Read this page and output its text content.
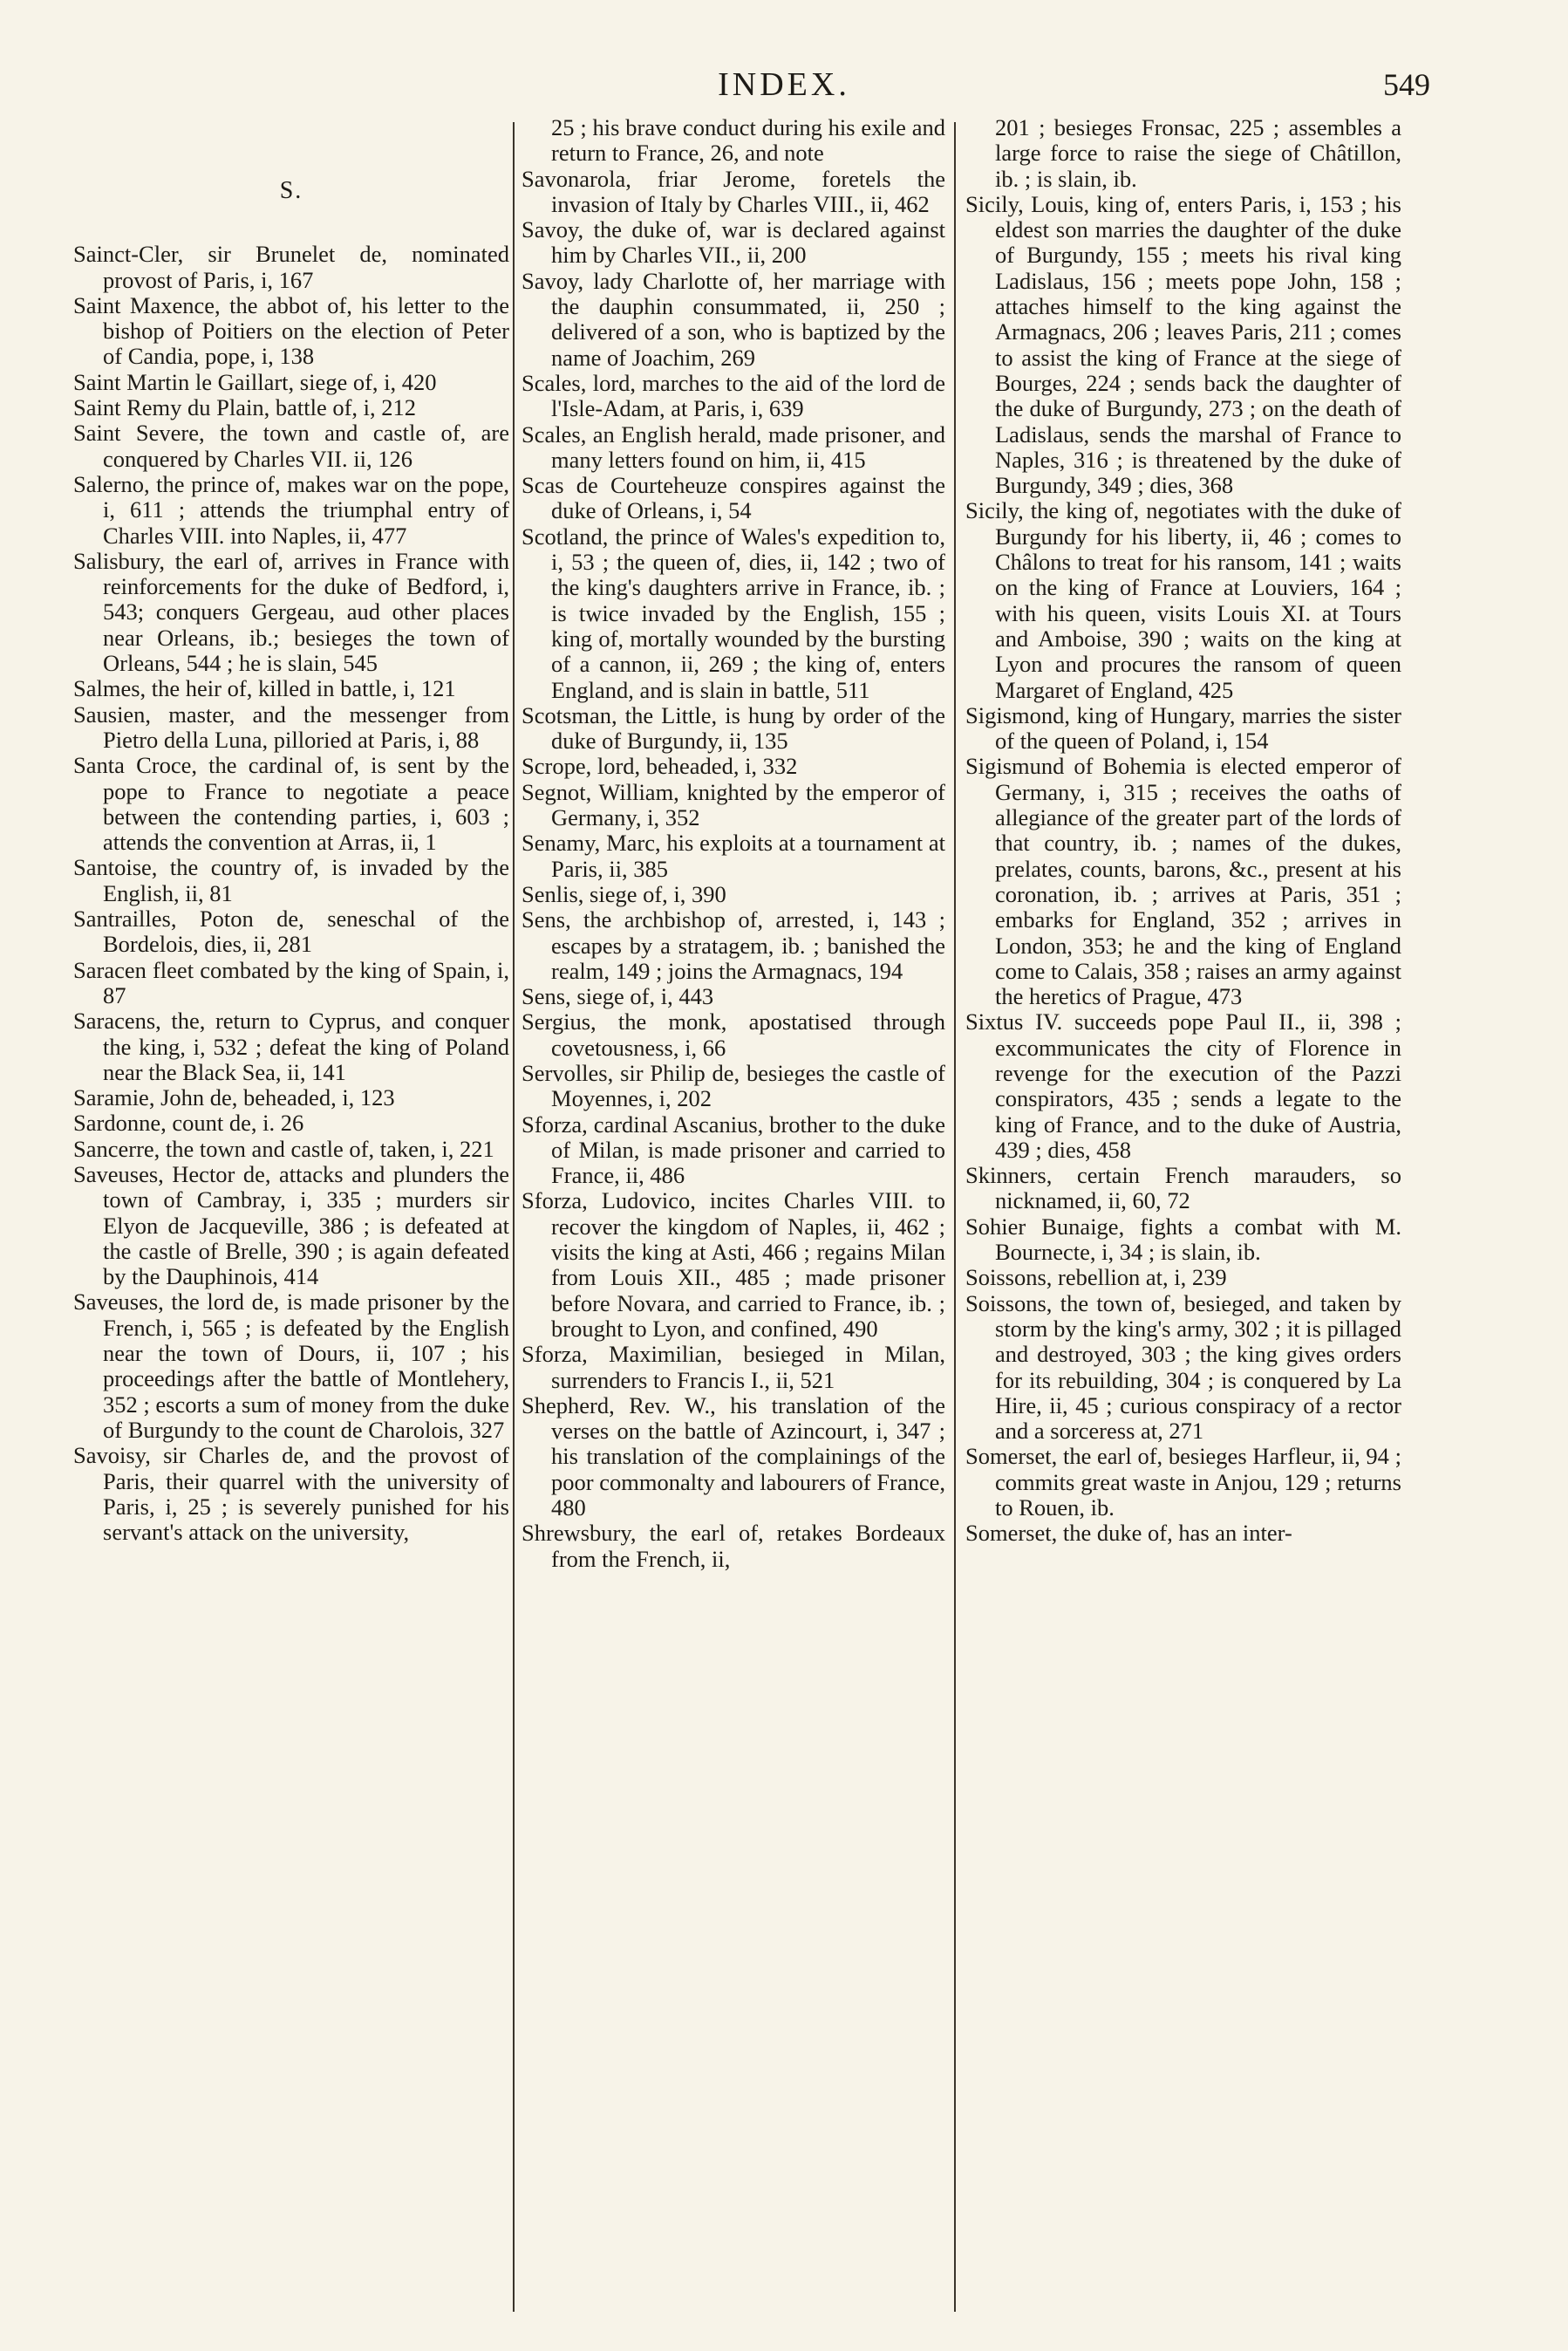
INDEX.	549
S.

Sainct-Cler, sir Brunelet de, nominated provost of Paris, i, 167

Saint Maxence, the abbot of, his letter to the bishop of Poitiers on the election of Peter of Candia, pope, i, 138

Saint Martin le Gaillart, siege of, i, 420

Saint Remy du Plain, battle of, i, 212

Saint Severe, the town and castle of, are conquered by Charles VII. ii, 126

Salerno, the prince of, makes war on the pope, i, 611 ; attends the triumphal entry of Charles VIII. into Naples, ii, 477

Salisbury, the earl of, arrives in France with reinforcements for the duke of Bedford, i, 543; conquers Gergeau, aud other places near Orleans, ib.; besieges the town of Orleans, 544 ; he is slain, 545

Salmes, the heir of, killed in battle, i, 121

Sausien, master, and the messenger from Pietro della Luna, pilloried at Paris, i, 88

Santa Croce, the cardinal of, is sent by the pope to France to negotiate a peace between the contending parties, i, 603 ; attends the convention at Arras, ii, 1

Santoise, the country of, is invaded by the English, ii, 81

Santrailles, Poton de, seneschal of the Bordelois, dies, ii, 281

Saracen fleet combated by the king of Spain, i, 87

Saracens, the, return to Cyprus, and conquer the king, i, 532 ; defeat the king of Poland near the Black Sea, ii, 141

Saramie, John de, beheaded, i, 123

Sardonne, count de, i. 26

Sancerre, the town and castle of, taken, i, 221

Saveuses, Hector de, attacks and plunders the town of Cambray, i, 335 ; murders sir Elyon de Jacqueville, 386 ; is defeated at the castle of Brelle, 390 ; is again defeated by the Dauphinois, 414

Saveuses, the lord de, is made prisoner by the French, i, 565 ; is defeated by the English near the town of Dours, ii, 107 ; his proceedings after the battle of Montlehery, 352 ; escorts a sum of money from the duke of Burgundy to the count de Charolois, 327

Savoisy, sir Charles de, and the provost of Paris, their quarrel with the university of Paris, i, 25 ; is severely punished for his servant's attack on the university,

25 ; his brave conduct during his exile and return to France, 26, and note

Savonarola, friar Jerome, foretels the invasion of Italy by Charles VIII., ii, 462

Savoy, the duke of, war is declared against him by Charles VII., ii, 200

Savoy, lady Charlotte of, her marriage with the dauphin consummated, ii, 250 ; delivered of a son, who is baptized by the name of Joachim, 269

Scales, lord, marches to the aid of the lord de l'Isle-Adam, at Paris, i, 639

Scales, an English herald, made prisoner, and many letters found on him, ii, 415

Scas de Courteheuze conspires against the duke of Orleans, i, 54

Scotland, the prince of Wales's expedition to, i, 53 ; the queen of, dies, ii, 142 ; two of the king's daughters arrive in France, ib. ; is twice invaded by the English, 155 ; king of, mortally wounded by the bursting of a cannon, ii, 269 ; the king of, enters England, and is slain in battle, 511

Scotsman, the Little, is hung by order of the duke of Burgundy, ii, 135

Scrope, lord, beheaded, i, 332

Segnot, William, knighted by the emperor of Germany, i, 352

Senamy, Marc, his exploits at a tournament at Paris, ii, 385

Senlis, siege of, i, 390

Sens, the archbishop of, arrested, i, 143 ; escapes by a stratagem, ib. ; banished the realm, 149 ; joins the Armagnacs, 194

Sens, siege of, i, 443

Sergius, the monk, apostatised through covetousness, i, 66

Servolles, sir Philip de, besieges the castle of Moyennes, i, 202

Sforza, cardinal Ascanius, brother to the duke of Milan, is made prisoner and carried to France, ii, 486

Sforza, Ludovico, incites Charles VIII. to recover the kingdom of Naples, ii, 462 ; visits the king at Asti, 466 ; regains Milan from Louis XII., 485 ; made prisoner before Novara, and carried to France, ib. ; brought to Lyon, and confined, 490

Sforza, Maximilian, besieged in Milan, surrenders to Francis I., ii, 521

Shepherd, Rev. W., his translation of the verses on the battle of Azincourt, i, 347 ; his translation of the complainings of the poor commonalty and labourers of France, 480

Shrewsbury, the earl of, retakes Bordeaux from the French, ii,

201 ; besieges Fronsac, 225 ; assembles a large force to raise the siege of Châtillon, ib. ; is slain, ib.

Sicily, Louis, king of, enters Paris, i, 153 ; his eldest son marries the daughter of the duke of Burgundy, 155 ; meets his rival king Ladislaus, 156 ; meets pope John, 158 ; attaches himself to the king against the Armagnacs, 206 ; leaves Paris, 211 ; comes to assist the king of France at the siege of Bourges, 224 ; sends back the daughter of the duke of Burgundy, 273 ; on the death of Ladislaus, sends the marshal of France to Naples, 316 ; is threatened by the duke of Burgundy, 349 ; dies, 368

Sicily, the king of, negotiates with the duke of Burgundy for his liberty, ii, 46 ; comes to Châlons to treat for his ransom, 141 ; waits on the king of France at Louviers, 164 ; with his queen, visits Louis XI. at Tours and Amboise, 390 ; waits on the king at Lyon and procures the ransom of queen Margaret of England, 425

Sigismond, king of Hungary, marries the sister of the queen of Poland, i, 154

Sigismund of Bohemia is elected emperor of Germany, i, 315 ; receives the oaths of allegiance of the greater part of the lords of that country, ib. ; names of the dukes, prelates, counts, barons, &c., present at his coronation, ib. ; arrives at Paris, 351 ; embarks for England, 352 ; arrives in London, 353; he and the king of England come to Calais, 358 ; raises an army against the heretics of Prague, 473

Sixtus IV. succeeds pope Paul II., ii, 398 ; excommunicates the city of Florence in revenge for the execution of the Pazzi conspirators, 435 ; sends a legate to the king of France, and to the duke of Austria, 439 ; dies, 458

Skinners, certain French marauders, so nicknamed, ii, 60, 72

Sohier Bunaige, fights a combat with M. Bournecte, i, 34 ; is slain, ib.

Soissons, rebellion at, i, 239

Soissons, the town of, besieged, and taken by storm by the king's army, 302 ; it is pillaged and destroyed, 303 ; the king gives orders for its rebuilding, 304 ; is conquered by La Hire, ii, 45 ; curious conspiracy of a rector and a sorceress at, 271

Somerset, the earl of, besieges Harfleur, ii, 94 ; commits great waste in Anjou, 129 ; returns to Rouen, ib.

Somerset, the duke of, has an inter-
